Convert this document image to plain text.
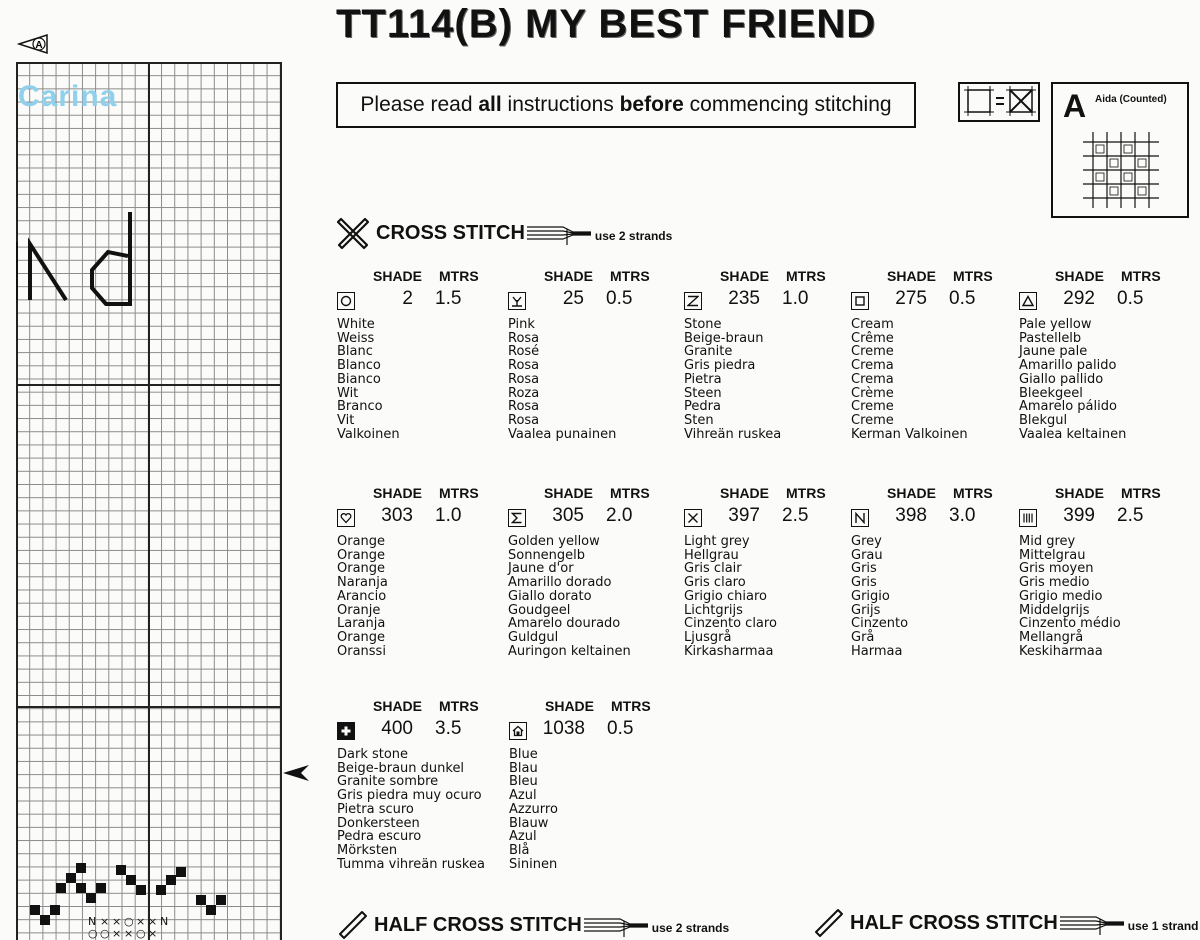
A
Carina
N × × ○ × × N
○ ○ × × ○ ×
TT114(B) MY BEST FRIEND
Please read
all
instructions
before
commencing stitching	A Aida (Counted)
CROSS STITCH	use 2 strands
SHADE MTRS
2 1.5
White
Weiss
Blanc
Blanco
Bianco
Wit
Branco
Vit
Valkoinen
SHADE MTRS
25 0.5
Pink
Rosa
Rosé
Rosa
Rosa
Roza
Rosa
Rosa
Vaalea punainen
SHADE MTRS
235 1.0
Stone
Beige-braun
Granite
Gris piedra
Pietra
Steen
Pedra
Sten
Vihreän ruskea
SHADE MTRS
275 0.5
Cream
Crême
Creme
Crema
Crema
Crème
Creme
Creme
Kerman Valkoinen
SHADE MTRS
292 0.5
Pale yellow
Pastellelb
Jaune pale
Amarillo palido
Giallo pallido
Bleekgeel
Amarelo pálido
Blekgul
Vaalea keltainen
SHADE MTRS
303 1.0
Orange
Orange
Orange
Naranja
Arancio
Oranje
Laranja
Orange
Oranssi
SHADE MTRS
305 2.0
Golden yellow
Sonnengelb
Jaune d'or
Amarillo dorado
Giallo dorato
Goudgeel
Amarelo dourado
Guldgul
Auringon keltainen
SHADE MTRS
397 2.5
Light grey
Hellgrau
Gris clair
Gris claro
Grigio chiaro
Lichtgrijs
Cinzento claro
Ljusgrå
Kirkasharmaa
SHADE MTRS
398 3.0
Grey
Grau
Gris
Gris
Grigio
Grijs
Cinzento
Grå
Harmaa
SHADE MTRS
399 2.5
Mid grey
Mittelgrau
Gris moyen
Gris medio
Grigio medio
Middelgrijs
Cinzento médio
Mellangrå
Keskiharmaa
SHADE MTRS
400 3.5
Dark stone
Beige-braun dunkel
Granite sombre
Gris piedra muy ocuro
Pietra scuro
Donkersteen
Pedra escuro
Mörksten
Tumma vihreän ruskea
SHADE MTRS
1038 0.5
Blue
Blau
Bleu
Azul
Azzurro
Blauw
Azul
Blå
Sininen
HALF CROSS STITCH	use 2 strands	HALF CROSS STITCH	use 1 strand
